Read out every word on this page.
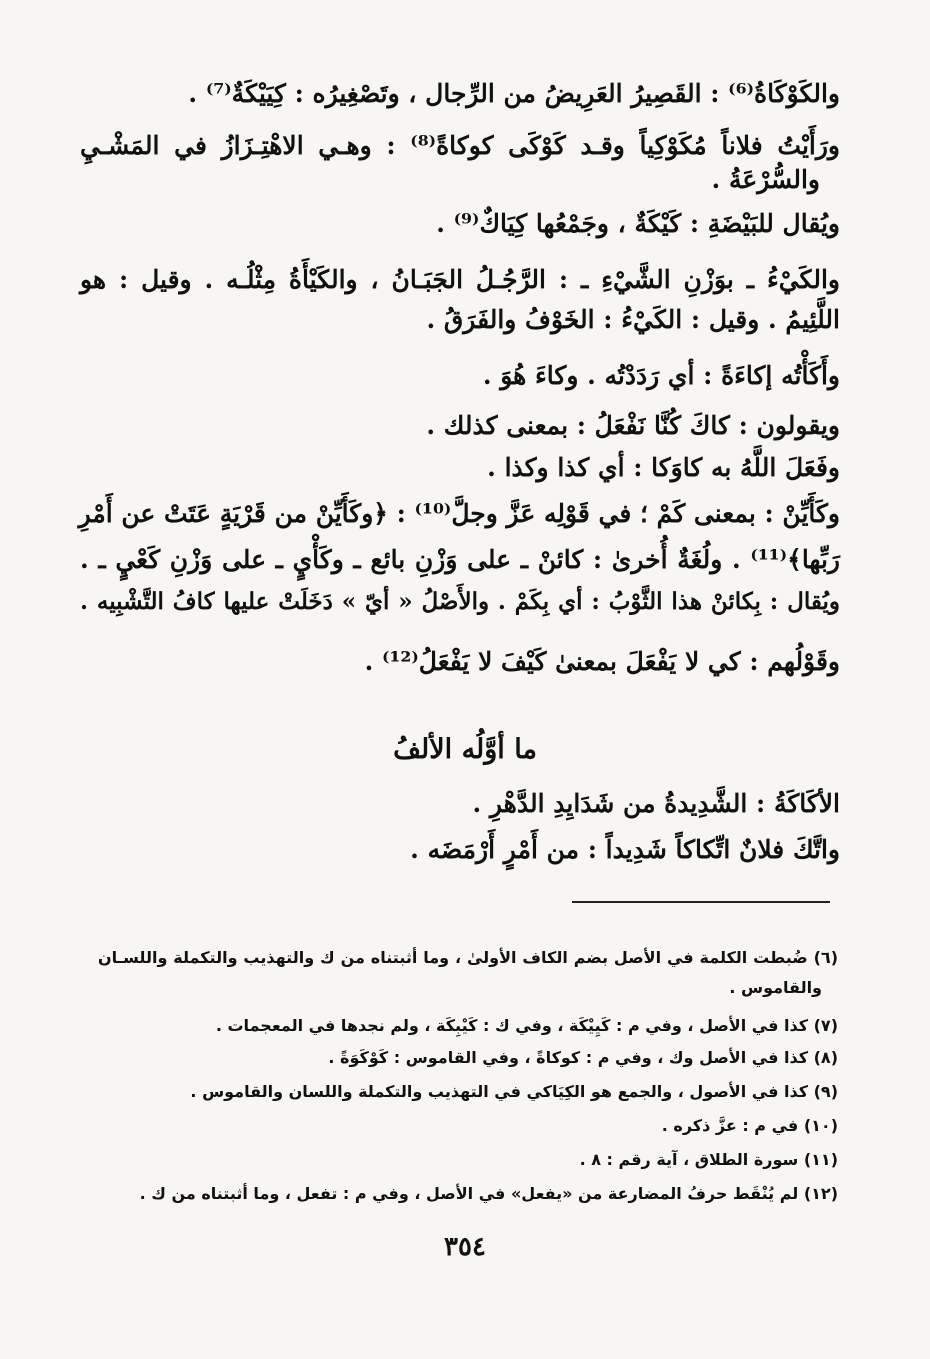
والكَوْكَاةُ⁽⁶⁾ : القَصِيرُ العَرِيضُ من الرِّجال ، وتَصْغِيرُه : كِيَيْكَةٌ⁽⁷⁾ .
ورَأَيْتُ فلاناً مُكَوْكِياً وقـد كَوْكَى كوكاةً⁽⁸⁾ : وهـي الاهْتِـزَازُ في المَشْـيِ
والسُّرْعَةُ .
ويُقال للبَيْضَةِ : كَيْكَةٌ ، وجَمْعُها كِيَاكٌ⁽⁹⁾ .
والكَيْءُ ـ بوَزْنِ الشَّيْءِ ـ : الرَّجُـلُ الجَبَـانُ ، والكَيْأَةُ مِثْلُـه . وقيل : هو
اللَّئِيمُ . وقيل : الكَيْءُ : الخَوْفُ والفَرَقُ .
وأَكَأْتُه إكاءَةً : أي رَدَدْتُه . وكاءَ هُوَ .
ويقولون : كاكَ كُنَّا نَفْعَلُ : بمعنى كذلك .
وفَعَلَ اللَّهُ به كاوَكا : أي كذا وكذا .
وكَأَيِّنْ : بمعنى كَمْ ؛ في قَوْلِه عَزَّ وجلَّ⁽¹⁰⁾ : ﴿وكَأَيِّنْ من قَرْيَةٍ عَتَتْ عن أَمْرِ
رَبِّها﴾⁽¹¹⁾ . ولُغَةٌ أُخرىٰ : كائنْ ـ على وَزْنِ بائع ـ وكَأْيٍ ـ على وَزْنِ كَعْيٍ ـ .
ويُقال : بِكائنْ هذا الثَّوْبُ : أي بِكَمْ . والأَصْلُ « أيّ » دَخَلَتْ عليها كافُ التَّشْبِيه .
وقَوْلُهم : كي لا يَفْعَلَ بمعنىٰ كَيْفَ لا يَفْعَلُ⁽¹²⁾ .
ما أوَّلُه الألفُ
الأكَاكَةُ : الشَّدِيدةُ من شَدَايِدِ الدَّهْرِ .
واتَّكَ فلانٌ اتِّكاكاً شَدِيداً : من أَمْرٍ أَرْمَضَه .
(٦) ضُبطت الكلمة في الأصل بضم الكاف الأولىٰ ، وما أثبتناه من ك والتهذيب والتكملة واللسـان
والقاموس .
(٧) كذا في الأصل ، وفي م : كَيِيْكَة ، وفي ك : كَيْبِكَة ، ولم نجدها في المعجمات .
(٨) كذا في الأصل وك ، وفي م : كوكاةً ، وفي القاموس : كَوْكَوَةً .
(٩) كذا في الأصول ، والجمع هو الكِيَاكي في التهذيب والتكملة واللسان والقاموس .
(١٠) في م : عزَّ ذكره .
(١١) سورة الطلاق ، آية رقم : ٨ .
(١٢) لم يُنْقَط حرفُ المضارعة من «يفعل» في الأصل ، وفي م : تفعل ، وما أثبتناه من ك .
٣٥٤
